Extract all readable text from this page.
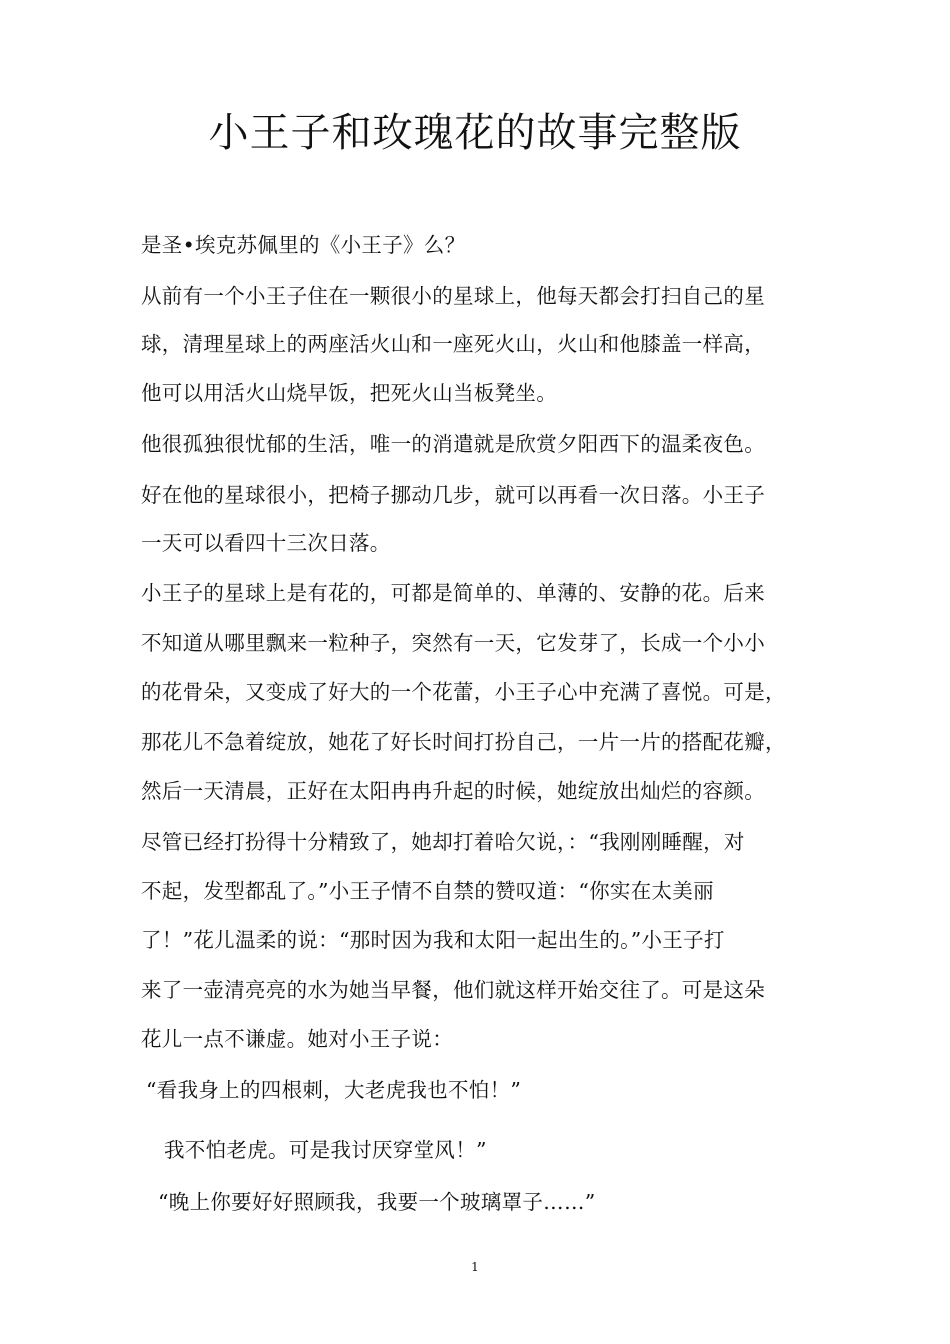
小王子和玫瑰花的故事完整版
是圣•埃克苏佩里的《小王子》么？
从前有一个小王子住在一颗很小的星球上，他每天都会打扫自己的星
球，清理星球上的两座活火山和一座死火山，火山和他膝盖一样高，
他可以用活火山烧早饭，把死火山当板凳坐。
他很孤独很忧郁的生活，唯一的消遣就是欣赏夕阳西下的温柔夜色。
好在他的星球很小，把椅子挪动几步，就可以再看一次日落。小王子
一天可以看四十三次日落。
小王子的星球上是有花的，可都是简单的、单薄的、安静的花。后来
不知道从哪里飘来一粒种子，突然有一天，它发芽了，长成一个小小
的花骨朵，又变成了好大的一个花蕾，小王子心中充满了喜悦。可是，
那花儿不急着绽放，她花了好长时间打扮自己，一片一片的搭配花瓣，
然后一天清晨，正好在太阳冉冉升起的时候，她绽放出灿烂的容颜。
尽管已经打扮得十分精致了，她却打着哈欠说，：“我刚刚睡醒，对
不起，发型都乱了。”小王子情不自禁的赞叹道：“你实在太美丽
了！”花儿温柔的说：“那时因为我和太阳一起出生的。”小王子打
来了一壶清亮亮的水为她当早餐，他们就这样开始交往了。可是这朵
花儿一点不谦虚。她对小王子说：
“看我身上的四根刺，大老虎我也不怕！”
我不怕老虎。可是我讨厌穿堂风！”
“晚上你要好好照顾我，我要一个玻璃罩子……”
1
